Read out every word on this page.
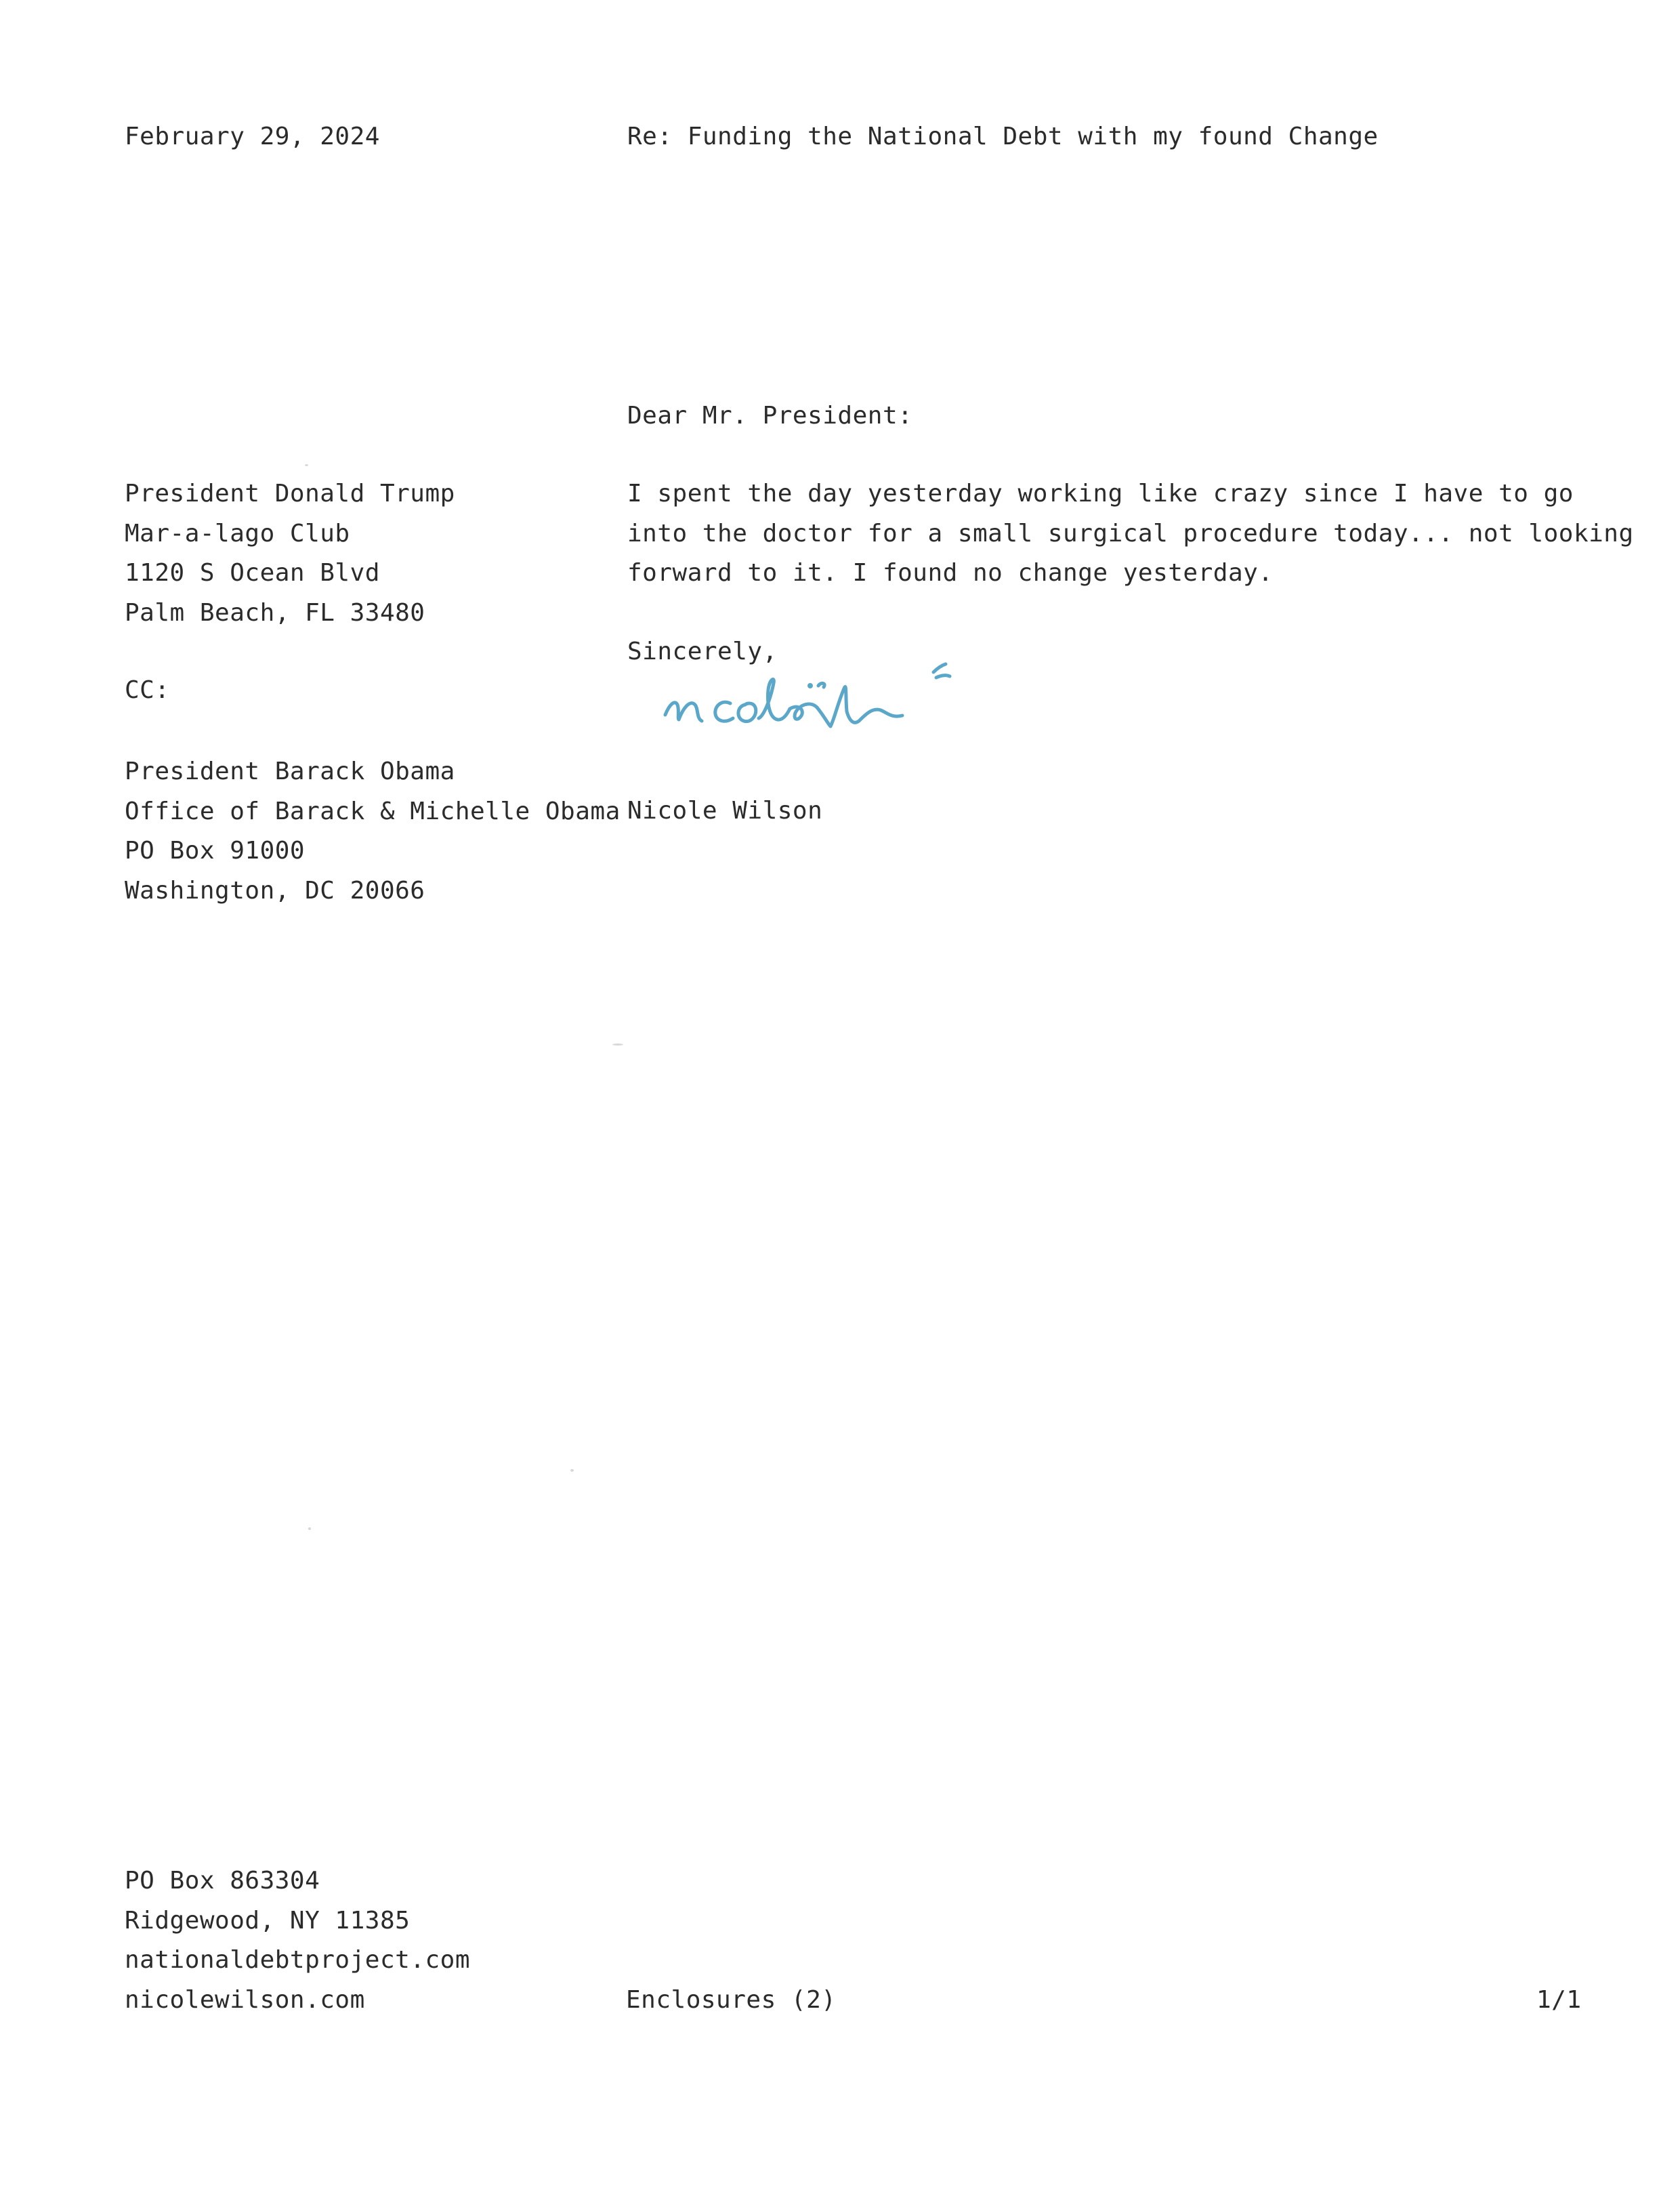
February 29, 2024	Re: Funding the National Debt with my found Change
Dear Mr. President:
President Donald Trump
Mar-a-lago Club
1120 S Ocean Blvd
Palm Beach, FL 33480
I spent the day yesterday working like crazy since I have to go
into the doctor for a small surgical procedure today... not looking
forward to it. I found no change yesterday.
Sincerely,
CC:
President Barack Obama
Office of Barack & Michelle Obama
PO Box 91000
Washington, DC 20066
Nicole Wilson
PO Box 863304
Ridgewood, NY 11385
nationaldebtproject.com
nicolewilson.com	Enclosures (2)	1/1
